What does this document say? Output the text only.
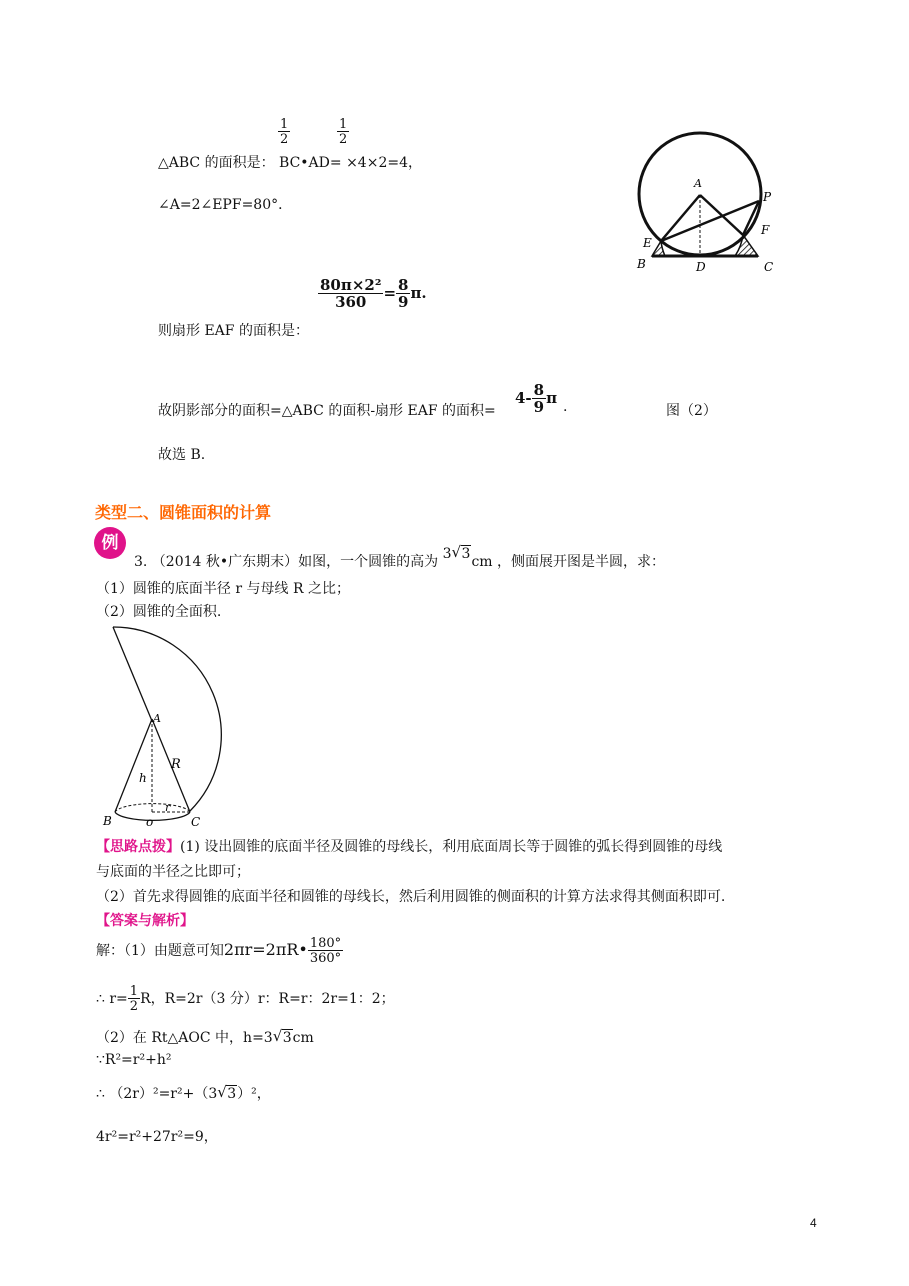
$\frac{1}{2}$	$\frac{1}{2}$
△ABC 的面积是： BC•AD= ×4×2=4，
∠A=2∠EPF=80°．
$\frac{\text{80π×2²}}{360} = \frac{8}{9} \pi$.
则扇形 EAF 的面积是：
故阴影部分的面积=△ABC 的面积-扇形 EAF 的面积=
$4- \frac{8}{9}$ π .	图（2）
故选 B.
A
P
E
F
B	D	C
类型二、圆锥面积的计算
例
3. （2014 秋•广东期末）如图，一个圆锥的高为 3 √ 3cm ，侧面展开图是半圆，求：
（1）圆锥的底面半径 r 与母线 R 之比；
（2）圆锥的全面积.
A
R
h
B	o
r
C
【思路点拨】(1) 设出圆锥的底面半径及圆锥的母线长，利用底面周长等于圆锥的弧长得到圆锥的母线
与底面的半径之比即可；
（2）首先求得圆锥的底面半径和圆锥的母线长，然后利用圆锥的侧面积的计算方法求得其侧面积即可.
【答案与解析】
解：（1）由题意可知2πr=2πR• $\frac{180^\circ}{360^\circ}$
∴ $r= \frac{1}{2}$ R，R=2r（3 分）r：R=r：2r=1：2；
（2）在 Rt△AOC 中，h=3 √ 3cm
∵R²=r²+h²
∴ （2r）²=r²+（3 √ 3）²，
4r²=r²+27r²=9，
4
